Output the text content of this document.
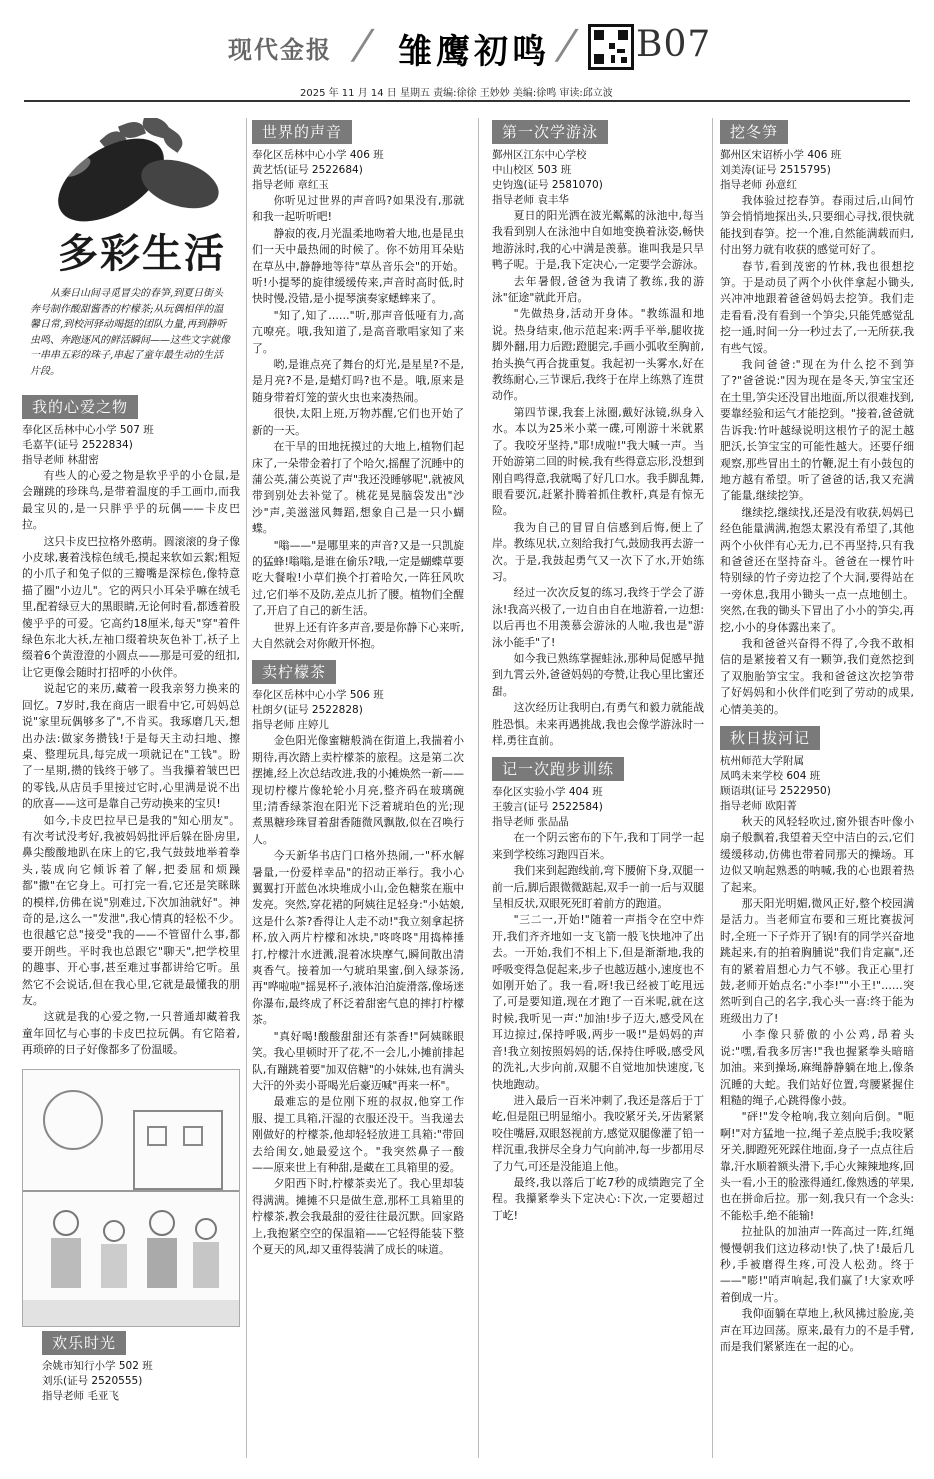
现代金报 / 雏鹰初鸣 / B07
2025 年 11 月 14 日 星期五 责编:徐徐 王妙妙 美编:徐鸣 审读:邱立波
多彩生活

从秦日山间寻觅冒尖的春笋,到夏日街头奔号制作酸甜酱香的柠檬茶;从玩偶相伴的温馨日常,到校河驿动竭挺的团队力量,再到静听虫鸣、奔跑逐风的鲜活瞬间——这些文字就像一串串五彩的珠子,串起了童年最生动的生活片段。

我的心爱之物
奉化区岳林中心小学 507 班
毛嘉芊(证号 2522834)
指导老师 林甜密

有些人的心爱之物是软乎乎的小仓鼠,是会蹦跳的珍珠鸟,是带着温度的手工画巾,而我最宝贝的,是一只胖乎乎的玩偶——卡皮巴拉。

这只卡皮巴拉格外憨萌。圆滚滚的身子像小皮球,裹着浅棕色绒毛,摸起来软如云絮;粗短的小爪子和兔子似的三瓣嘴是深棕色,像特意描了圈"小边儿"。它的两只小耳朵乎嘛在绒毛里,配着绿豆大的黑眼睛,无论何时看,都透着股傻乎乎的可爱。它高约18厘米,每天"穿"着件绿色东北大袄,左袖口缀着块灰色补丁,袄子上缀着6个黄澄澄的小圆点——那是可爱的纽扣,让它更像会随时打招呼的小伙伴。

说起它的来历,藏着一段我亲努力换来的回忆。7岁时,我在商店一眼看中它,可妈妈总说"家里玩偶够多了",不肯买。我琢磨几天,想出办法:做家务攒钱!于是每天主动扫地、擦桌、整理玩具,每完成一项就记在"工钱"。盼了一星期,攒的钱终于够了。当我攥着皱巴巴的零钱,从店员手里接过它时,心里满是说不出的欣喜——这可是靠自己劳动换来的宝贝!

如今,卡皮巴拉早已是我的"知心朋友"。有次考试没考好,我被妈妈批评后躲在卧房里,鼻尖酸酸地趴在床上的它,我气鼓鼓地举着拳头,装成向它倾诉着了解,把委屈和烦躁都"撒"在它身上。可打完一看,它还是笑眯眯的模样,仿佛在说"别难过,下次加油就好"。神奇的是,这么一"发泄",我心情真的轻松不少。也很越它总"接受"我的——不管留什么事,都要开朗些。平时我也总跟它"聊天",把学校里的趣事、开心事,甚至难过事都讲给它听。虽然它不会说话,但在我心里,它就是最懂我的朋友。

这就是我的心爱之物,一只普通却藏着我童年回忆与心事的卡皮巴拉玩偶。有它陪着,再琐碎的日子好像都多了份温暖。

欢乐时光
余姚市知行小学 502 班
刘乐(证号 2520555)
指导老师 毛亚飞
世界的声音
奉化区岳林中心小学 406 班
黄艺恬(证号 2522684)
指导老师 章红玉

你听见过世界的声音吗?如果没有,那就和我一起听听吧!

静寂的夜,月光温柔地吻着大地,也是昆虫们一天中最热闹的时候了。你不妨用耳朵贴在草丛中,静静地等待"草丛音乐会"的开始。听!小提琴的旋律缓缓传来,声音时高时低,时快时慢,没错,是小提琴演奏家蟋蟀来了。

"知了,知了……"听,那声音低哑有力,高亢嘹亮。哦,我知道了,是高音歌唱家知了来了。

哟,是谁点亮了舞台的灯光,是星星?不是,是月亮?不是,是蜡灯吗?也不是。哦,原来是随身带着灯笼的萤火虫也来凑热闹。

很快,太阳上班,万物苏醒,它们也开始了新的一天。

在干旱的田地抚摸过的大地上,植物们起床了,一朵带金着打了个哈欠,摇醒了沉睡中的蒲公英,蒲公英说了声"我还没睡够呢",就被风带到别处去补觉了。桃花晃晃脑袋发出"沙沙"声,美滋滋风舞蹈,想象自己是一只小蝴蝶。

"嗡——"是哪里来的声音?又是一只凯旋的猛蜂!嗡嗡,是谁在偷乐?哦,一定是蝴蝶草要吃大餐啦!小草们换个打着哈欠,一阵狂风吹过,它们举不及防,差点儿折了腰。植物们全醒了,开启了自己的新生活。

世界上还有许多声音,要是你静下心来听,大自然就会对你敞开怀抱。

卖柠檬茶
奉化区岳林中心小学 506 班
杜朗夕(证号 2522828)
指导老师 庄婷儿

金色阳光像蜜糖般淌在街道上,我揣着小期待,再次踏上卖柠檬茶的旅程。这是第二次摆摊,经上次总结改进,我的小摊焕然一新——现切柠檬片像轮轮小月亮,整齐码在玻璃碗里;清香绿茶泡在阳光下泛着琥珀色的光;现煮黑糖珍珠冒着甜香随微风飘散,似在召唤行人。

今天新华书店门口格外热闹,一"杯水解暑量,一份爱样幸品"的招动正举行。我小心翼翼打开蓝色冰块堆成小山,金色糖浆在瓶中发亮。突然,穿花裙的阿姨往足轻身:"小姑娘,这是什么茶?香得让人走不动!"我立刻拿起挤杯,放入两片柠檬和冰块,"咚咚咚"用捣棒捶打,柠檬汁水迸溅,混着冰块摩气,瞬间散出清爽香气。接着加一勺琥珀果蜜,倒入绿茶汤,再"哗啦啦"摇晃杯子,液体泊泊旋滑落,像场迷你瀑布,最终成了杯泛着甜密气息的摔打柠檬茶。

"真好喝!酸酸甜甜还有茶香!"阿姨眯眼笑。我心里顿时开了花,不一会儿,小摊前排起队,有蹦跳着要"加双倍糖"的小妹妹,也有满头大汗的外卖小哥喝光后豪迈喊"再来一杯"。

最难忘的是位刚下班的叔叔,他穿工作服、提工具箱,汗湿的衣服还没干。当我递去刚做好的柠檬茶,他却轻轻放进工具箱:"带回去给闺女,她最爱这个。"我突然鼻子一酸——原来世上有种甜,是藏在工具箱里的爱。

夕阳西下时,柠檬茶卖光了。我心里却装得满满。摊摊不只是做生意,那杯工具箱里的柠檬茶,教会我最甜的爱往往最沉默。回家路上,我抱紧空空的保温箱——它轻得能装下整个夏天的风,却又重得装满了成长的味道。

第一次学游泳
鄞州区江东中心学校
中山校区 503 班
史钧逸(证号 2581070)
指导老师 袁丰华

夏日的阳光洒在波光粼粼的泳池中,每当我看到别人在泳池中自如地变换着泳姿,畅快地游泳时,我的心中满是羡慕。谁叫我是只旱鸭子呢。于是,我下定决心,一定要学会游泳。

去年暑假,爸爸为我请了教练,我的游泳"征途"就此开启。

"先做热身,活动开身体。"教练温和地说。热身结束,他示范起来:两手平举,腿收拢脚外翻,用力后蹬;蹬腿完,手画小弧收至胸前,抬头换气再合拢重复。我起初一头雾水,好在教练耐心,三节课后,我终于在岸上练熟了连贯动作。

第四节课,我套上泳圈,戴好泳镜,纵身入水。本以为25米小菜一碟,可刚游十米就累了。我咬牙坚持,"耶!成啦!"我大喊一声。当开始游第二回的时候,我有些得意忘形,没想到刚自鸣得意,我就喝了好几口水。我手脚乱舞,眼看要沉,赶紧扑腾着抓住教杆,真是有惊无险。

我为自己的冒冒自信感到后悔,便上了岸。教练见状,立刻给我打气,鼓励我再去游一次。于是,我鼓起勇气又一次下了水,开始练习。

经过一次次反复的练习,我终于学会了游泳!我高兴极了,一边自由自在地游着,一边想:以后再也不用羡慕会游泳的人啦,我也是"游泳小能手"了!

如今我已熟练掌握蛙泳,那种局促感早抛到九霄云外,爸爸妈妈的夸赞,让我心里比蜜还甜。

这次经历让我明白,有勇气和毅力就能战胜恐惧。未来再遇挑战,我也会像学游泳时一样,勇往直前。

记一次跑步训练
奉化区实验小学 404 班
王骏言(证号 2522584)
指导老师 张品晶

在一个阴云密布的下午,我和丁同学一起来到学校练习跑四百米。

我们来到起跑线前,弯下腰俯下身,双腿一前一后,脚后跟微微踮起,双手一前一后与双腿呈相反状,双眼死死盯着前方的跑道。

"三二一,开始!"随着一声指令在空中炸开,我们齐齐地如一支飞箭一般飞快地冲了出去。一开始,我们不相上下,但是渐渐地,我的呼吸变得急促起来,步子也越迈越小,速度也不如刚开始了。我一看,呀!我已经被丁屹甩远了,可是要知道,现在才跑了一百米呢,就在这时候,我听见一声:"加油!步子迈大,感受风在耳边掠过,保持呼吸,两步一吸!"是妈妈的声音!我立刻按照妈妈的话,保持住呼吸,感受风的洗礼,大步向前,双腿不自觉地加快速度,飞快地跑动。

进入最后一百米冲刺了,我还是落后于丁屹,但是阻已明显缩小。我咬紧牙关,牙齿紧紧咬住嘴唇,双眼怒视前方,感觉双腿像灌了铅一样沉重,我拼尽全身力气向前冲,每一步都用尽了力气,可还是没能追上他。

最终,我以落后丁屹7秒的成绩跑完了全程。我攥紧拳头下定决心:下次,一定要超过丁屹!

挖冬笋
鄞州区宋诏桥小学 406 班
刘美涛(证号 2515795)
指导老师 孙意红

我体验过挖春笋。春雨过后,山间竹笋会悄悄地探出头,只要细心寻找,很快就能找到春笋。挖一个准,自然能满载而归,付出努力就有收获的感觉可好了。

春节,看到茂密的竹林,我也很想挖笋。于是动员了两个小伙伴拿起小锄头,兴冲冲地跟着爸爸妈妈去挖笋。我们走走看看,没有看到一个笋尖,只能凭感觉乱挖一通,时间一分一秒过去了,一无所获,我有些气馁。

我问爸爸:"现在为什么挖不到笋了?"爸爸说:"因为现在是冬天,笋宝宝还在土里,笋尖还没冒出地面,所以很难找到,要靠经验和运气才能挖到。"接着,爸爸就告诉我:竹叶越绿说明这根竹子的泥土越肥沃,长笋宝宝的可能性越大。还要仔细观察,那些冒出土的竹鞭,泥土有小鼓包的地方越有希望。听了爸爸的话,我又充满了能量,继续挖笋。

继续挖,继续找,还是没有收获,妈妈已经色能量满满,抱怨太累没有希望了,其他两个小伙伴有心无力,已不再坚持,只有我和爸爸还在坚持奋斗。爸爸在一棵竹叶特别绿的竹子旁边挖了个大洞,要得站在一旁休息,我用小锄头一点一点地刨土。突然,在我的锄头下冒出了小小的笋尖,再挖,小小的身体露出来了。

我和爸爸兴奋得不得了,今我不敢相信的是紧接着又有一颗笋,我们竟然挖到了双胞胎笋宝宝。我和爸爸这次挖笋带了好妈妈和小伙伴们吃到了劳动的成果,心情美美的。

秋日拔河记
杭州师范大学附属
凤鸣未来学校 604 班
顾语琪(证号 2522950)
指导老师 欧阳菁

秋天的风轻轻吹过,窗外银杏叶像小扇子般飘着,我望着天空中洁白的云,它们缓缓移动,仿佛也带着同那天的操场。耳边似又响起熟悉的呐喊,我的心也跟着热了起来。

那天阳光明媚,微风正好,整个校园满是活力。当老师宣布要和三班比赛拔河时,全班一下子炸开了锅!有的同学兴奋地跳起来,有的拍着胸脯说"我们肯定赢",还有的紧着眉想心力气不够。我正心里打鼓,老师开始点名:"小李!""小王!"……突然听到自己的名字,我心头一喜:终于能为班级出力了!

小李像只骄傲的小公鸡,昂着头说:"嘿,看我多厉害!"我也握紧拳头暗暗加油。来到操场,麻绳静静躺在地上,像条沉睡的大蛇。我们站好位置,弯腰紧握住粗糙的绳子,心跳得像小鼓。

"砰!"发令枪响,我立刻向后倒。"呃啊!"对方猛地一拉,绳子差点脱手;我咬紧牙关,脚蹬死死踩住地面,身子一点点往后靠,汗水顺着额头滑下,手心火辣辣地疼,回头一看,小王的脸涨得通红,像熟透的苹果,也在拼命后拉。那一刻,我只有一个念头:不能松手,绝不能输!

拉扯队的加油声一阵高过一阵,红绳慢慢朝我们这边移动!快了,快了!最后几秒,手被磨得生疼,可没人松劲。终于——"嘭!"哨声响起,我们赢了!大家欢呼着倒成一片。

我仰面躺在草地上,秋风拂过脸庞,美声在耳边回荡。原来,最有力的不是手臂,而是我们紧紧连在一起的心。
